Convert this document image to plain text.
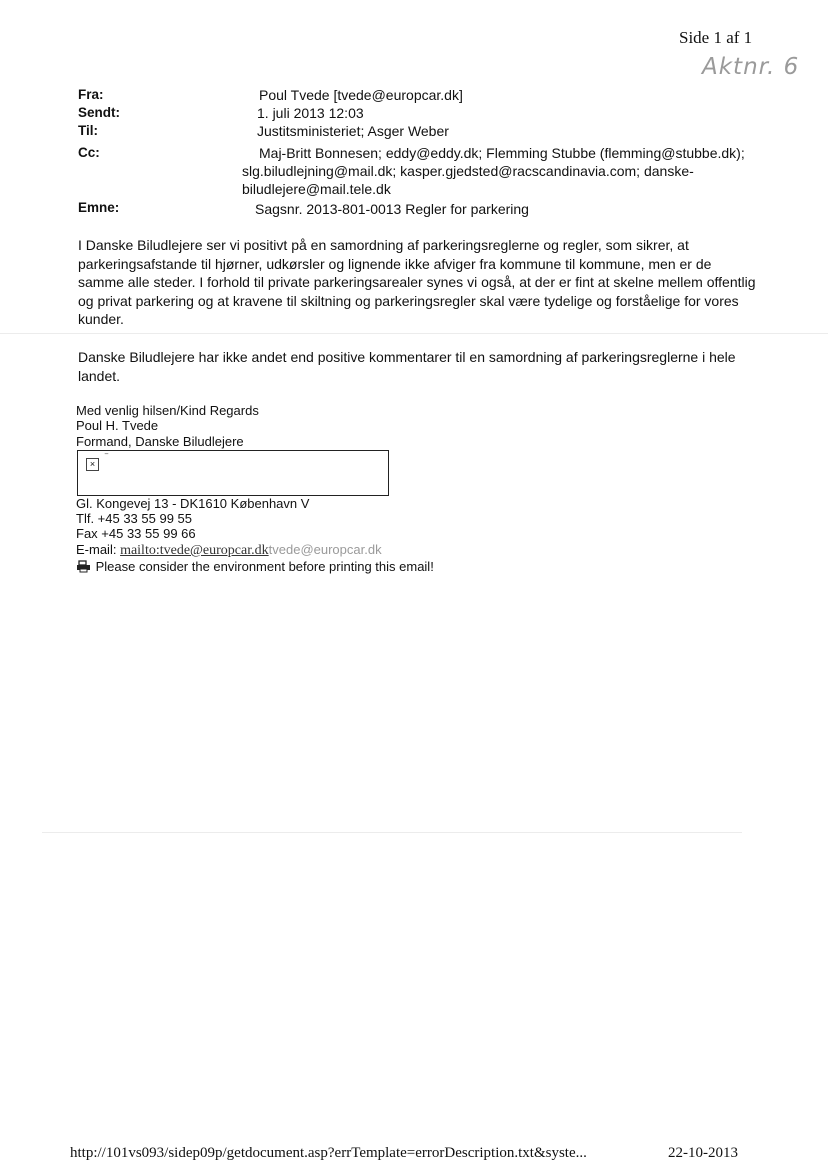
Side 1 af 1
Aktnr. 6
Fra:	Poul Tvede [tvede@europcar.dk]
Sendt:	1. juli 2013 12:03
Til:	Justitsministeriet; Asger Weber
Cc:	Maj-Britt Bonnesen; eddy@eddy.dk; Flemming Stubbe (flemming@stubbe.dk);
slg.biludlejning@mail.dk; kasper.gjedsted@racscandinavia.com; danske-
biludlejere@mail.tele.dk
Emne:	Sagsnr. 2013-801-0013 Regler for parkering

I Danske Biludlejere ser vi positivt på en samordning af parkeringsreglerne og regler, som sikrer, at parkeringsafstande til hjørner, udkørsler og lignende ikke afviger fra kommune til kommune, men er de samme alle steder. I forhold til private parkeringsarealer synes vi også, at der er fint at skelne mellem offentlig og privat parkering og at kravene til skiltning og parkeringsregler skal være tydelige og forståelige for vores kunder.

Danske Biludlejere har ikke andet end positive kommentarer til en samordning af parkeringsreglerne i hele landet.

Med venlig hilsen/Kind Regards
Poul H. Tvede
Formand, Danske Biludlejere
×
‾
Gl. Kongevej 13 - DK1610 København V
Tlf. +45 33 55 99 55
Fax +45 33 55 99 66
E-mail: mailto:tvede@europcar.dktvede@europcar.dk
Please consider the environment before printing this email!
http://101vs093/sidep09p/getdocument.asp?errTemplate=errorDescription.txt&syste...	22-10-2013
